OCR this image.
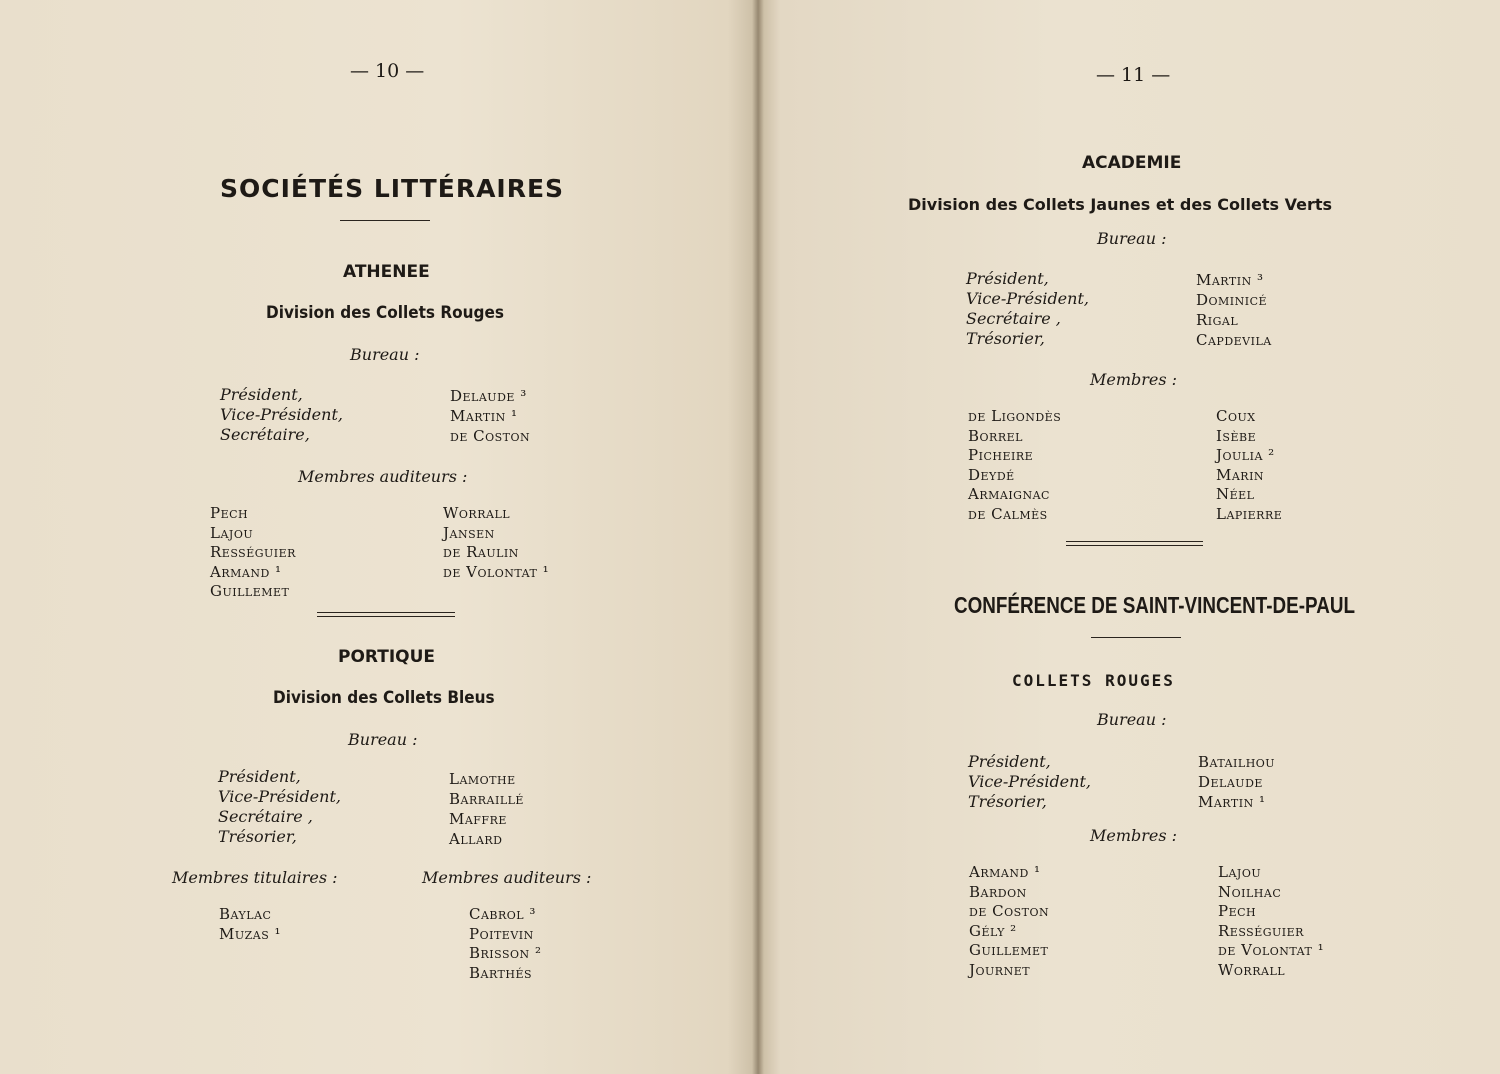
— 10 —
SOCIÉTÉS LITTÉRAIRES
ATHENEE
Division des Collets Rouges
Bureau :
Président,
Vice-Président,
Secrétaire,
Delaude ³
Martin ¹
de Coston
Membres auditeurs :
Pech
Lajou
Rességuier
Armand ¹
Guillemet
Worrall
Jansen
de Raulin
de Volontat ¹
PORTIQUE
Division des Collets Bleus
Bureau :
Président,
Vice-Président,
Secrétaire ,
Trésorier,
Lamothe
Barraillé
Maffre
Allard
Membres titulaires :	Membres auditeurs :
Baylac
Muzas ¹
Cabrol ³
Poitevin
Brisson ²
Barthés
— 11 —
ACADEMIE
Division des Collets Jaunes et des Collets Verts
Bureau :
Président,
Vice-Président,
Secrétaire ,
Trésorier,
Martin ³
Dominicé
Rigal
Capdevila
Membres :
de Ligondès
Borrel
Picheire
Deydé
Armaignac
de Calmès
Coux
Isèbe
Joulia ²
Marin
Néel
Lapierre
CONFÉRENCE DE SAINT-VINCENT-DE-PAUL
COLLETS ROUGES
Bureau :
Président,
Vice-Président,
Trésorier,
Batailhou
Delaude
Martin ¹
Membres :
Armand ¹
Bardon
de Coston
Gély ²
Guillemet
Journet
Lajou
Noilhac
Pech
Rességuier
de Volontat ¹
Worrall
